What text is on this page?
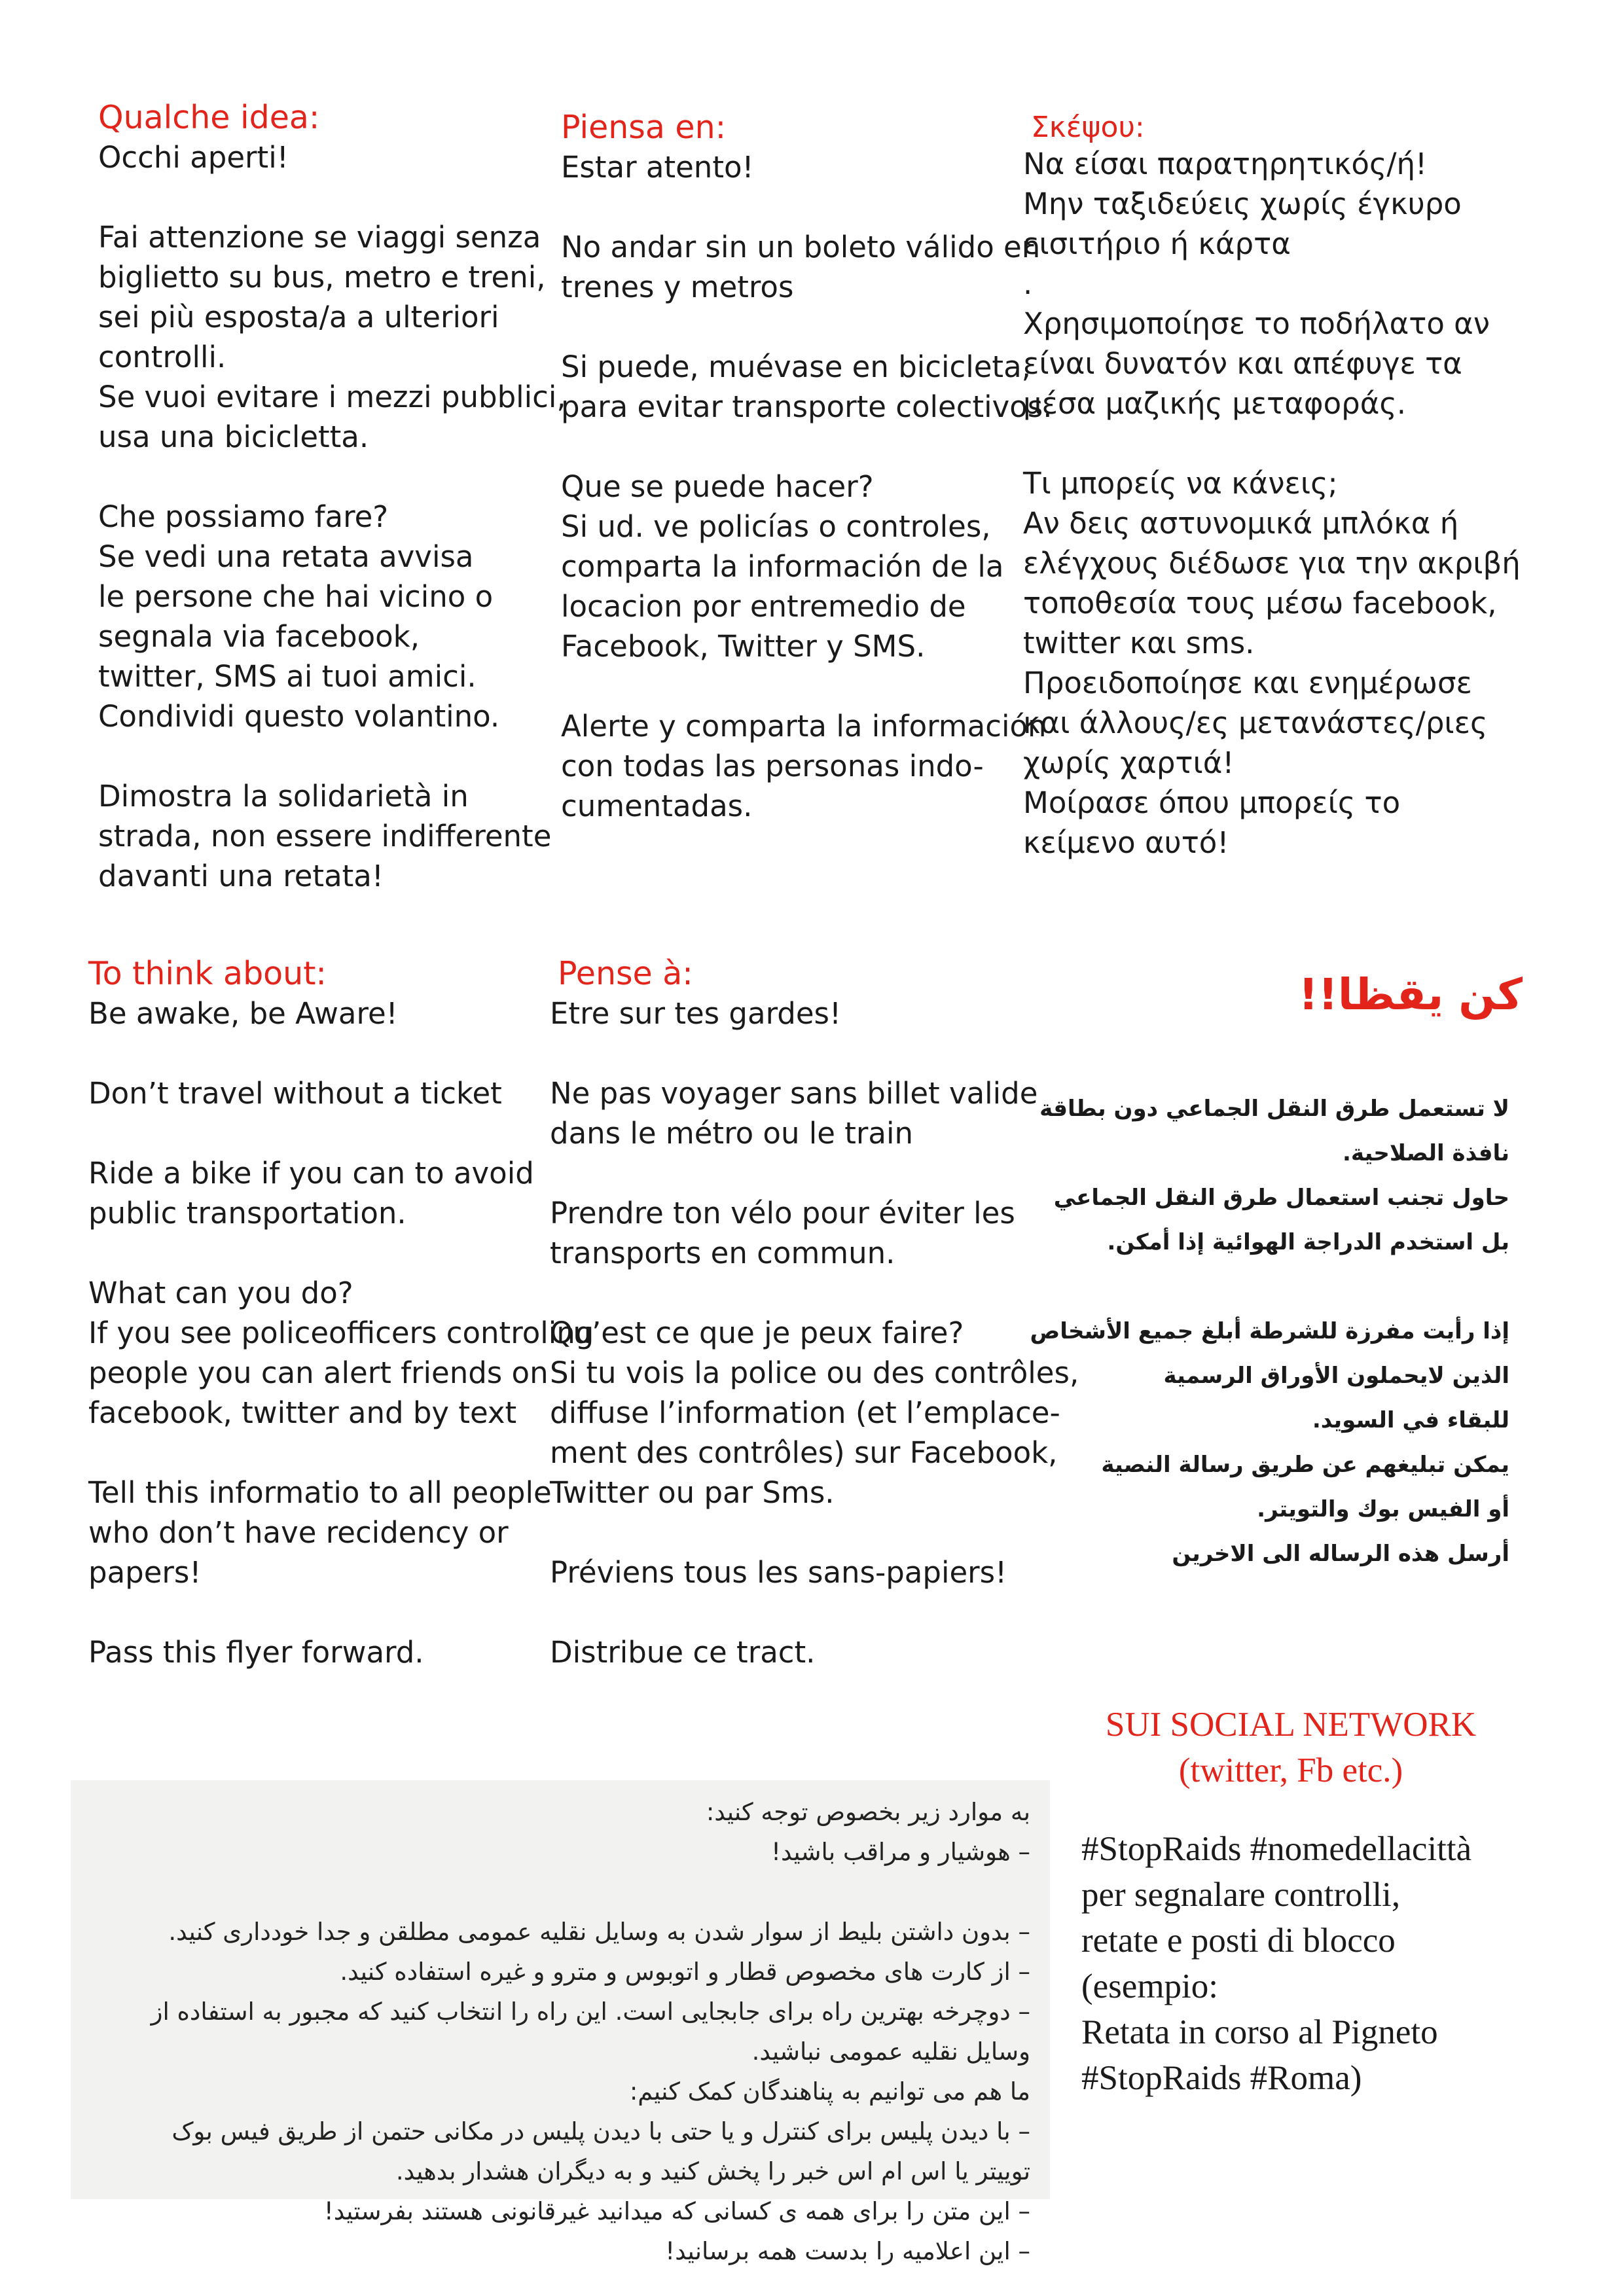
Qualche idea:
Occhi aperti!
Fai attenzione se viaggi senza
biglietto su bus, metro e treni,
sei più esposta/a a ulteriori
controlli.
Se vuoi evitare i mezzi pubblici,
usa una bicicletta.
Che possiamo fare?
Se vedi una retata avvisa
le persone che hai vicino o
segnala via facebook,
twitter, SMS ai tuoi amici.
Condividi questo volantino.
Dimostra la solidarietà in
strada, non essere indifferente
davanti una retata!
Piensa en:
Estar atento!
No andar sin un boleto válido en
trenes y metros
Si puede, muévase en bicicleta,
para evitar transporte colectivos.
Que se puede hacer?
Si ud. ve policías o controles,
comparta la información de la
locacion por entremedio de
Facebook, Twitter y SMS.
Alerte y comparta la información
con todas las personas indo-
cumentadas.
Σκέψου:
Να είσαι παρατηρητικός/ή!
Μην ταξιδεύεις χωρίς έγκυρο
εισιτήριο ή κάρτα
.
Χρησιμοποίησε το ποδήλατο αν
είναι δυνατόν και απέφυγε τα
μέσα μαζικής μεταφοράς.
Τι μπορείς να κάνεις;
Αν δεις αστυνομικά μπλόκα ή
ελέγχους διέδωσε για την ακριβή
τοποθεσία τους μέσω facebook,
twitter και sms.
Προειδοποίησε και ενημέρωσε
και άλλους/ες μετανάστες/ριες
χωρίς χαρτιά!
Μοίρασε όπου μπορείς το
κείμενο αυτό!
To think about:
Be awake, be Aware!
Don’t travel without a ticket
Ride a bike if you can to avoid
public transportation.
What can you do?
If you see policeofficers controling
people you can alert friends on
facebook, twitter and by text
Tell this informatio to all people
who don’t have recidency or
papers!
Pass this flyer forward.
Pense à:
Etre sur tes gardes!
Ne pas voyager sans billet valide
dans le métro ou le train
Prendre ton vélo pour éviter les
transports en commun.
Qu’est ce que je peux faire?
Si tu vois la police ou des contrôles,
diffuse l’information (et l’emplace-
ment des contrôles) sur Facebook,
Twitter ou par Sms.
Préviens tous les sans-papiers!
Distribue ce tract.
كن يقظا!!
لا تستعمل طرق النقل الجماعي دون بطاقة
نافذة الصلاحية.
حاول تجنب استعمال طرق النقل الجماعي
بل استخدم الدراجة الهوائية إذا أمكن.
إذا رأيت مفرزة للشرطة أبلغ جميع الأشخاص
الذين لايحملون الأوراق الرسمية
للبقاء في السويد.
يمكن تبليغهم عن طريق رسالة النصية
أو الفيس بوك والتويتر.
أرسل هذه الرساله الى الاخرين
به موارد زیر بخصوص توجه کنید:
– هوشیار و مراقب باشید!
– بدون داشتن بلیط از سوار شدن به وسایل نقلیه عمومی مطلقن و جدا خودداری کنید.
– از کارت های مخصوص قطار و اتوبوس و مترو و غیره استفاده کنید.
– دوچرخه بهترین راه برای جابجایی است. این راه را انتخاب کنید که مجبور به استفاده از
وسایل نقلیه عمومی نباشید.
ما هم می توانیم به پناهندگان کمک کنیم:
– با دیدن پلیس برای کنترل و یا حتی با دیدن پلیس در مکانی حتمن از طریق فیس بوک
توییتر یا اس ام اس خبر را پخش کنید و به دیگران هشدار بدهید.
– این متن را برای همه ی کسانی که میدانید غیرقانونی هستند بفرستید!
– این اعلامیه را بدست همه برسانید!

SUI SOCIAL NETWORK

(twitter, Fb etc.)

#StopRaids #nomedellacittà
per segnalare controlli,
retate e posti di blocco
(esempio:
Retata in corso al Pigneto
#StopRaids #Roma)
